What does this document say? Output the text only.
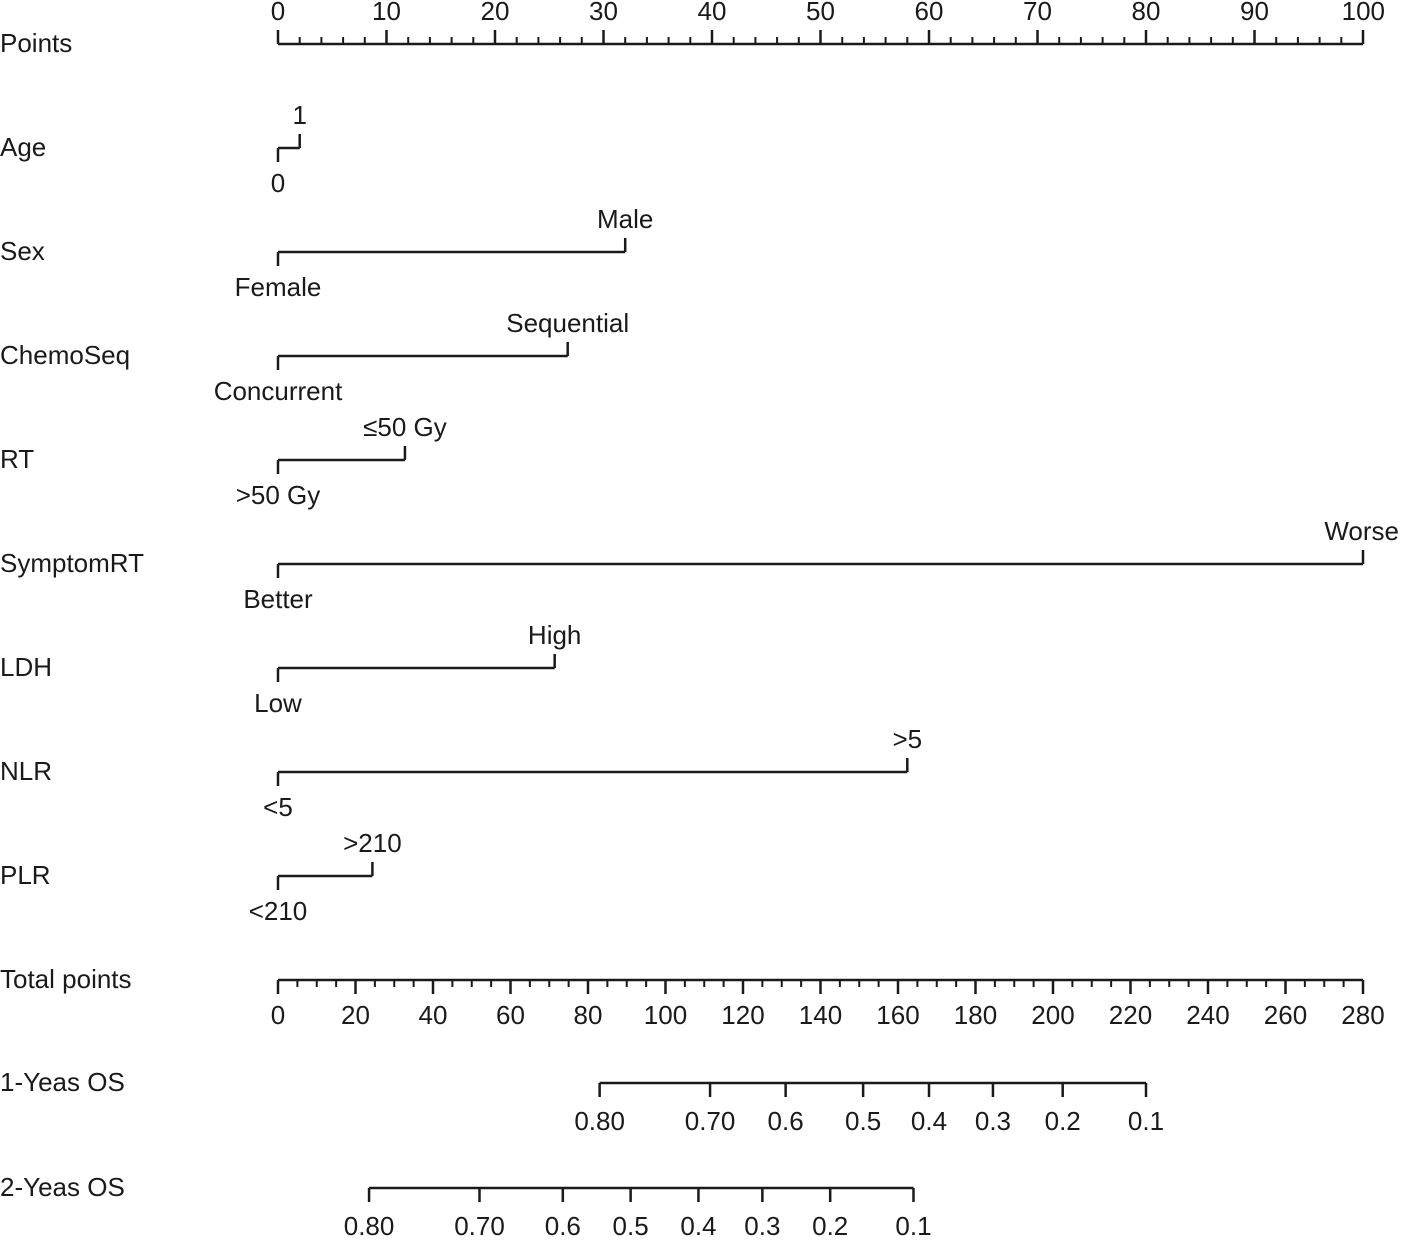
Points
0	10	20	30	40	50	60	70	80	90	100
Age
0
1
Sex
Female
Male
ChemoSeq
Concurrent
Sequential
RT
>50 Gy
≤50 Gy
SymptomRT
Better
Worse
LDH
Low
High
NLR
<5
>5
PLR
<210
>210
Total points
0 20 40 60 80 100 120 140 160 180 200 220 240 260 280
1-Yeas OS
0.80 0.70 0.6 0.5 0.4 0.3 0.2 0.1
2-Yeas OS
0.80 0.70 0.6 0.5 0.4 0.3 0.2 0.1
